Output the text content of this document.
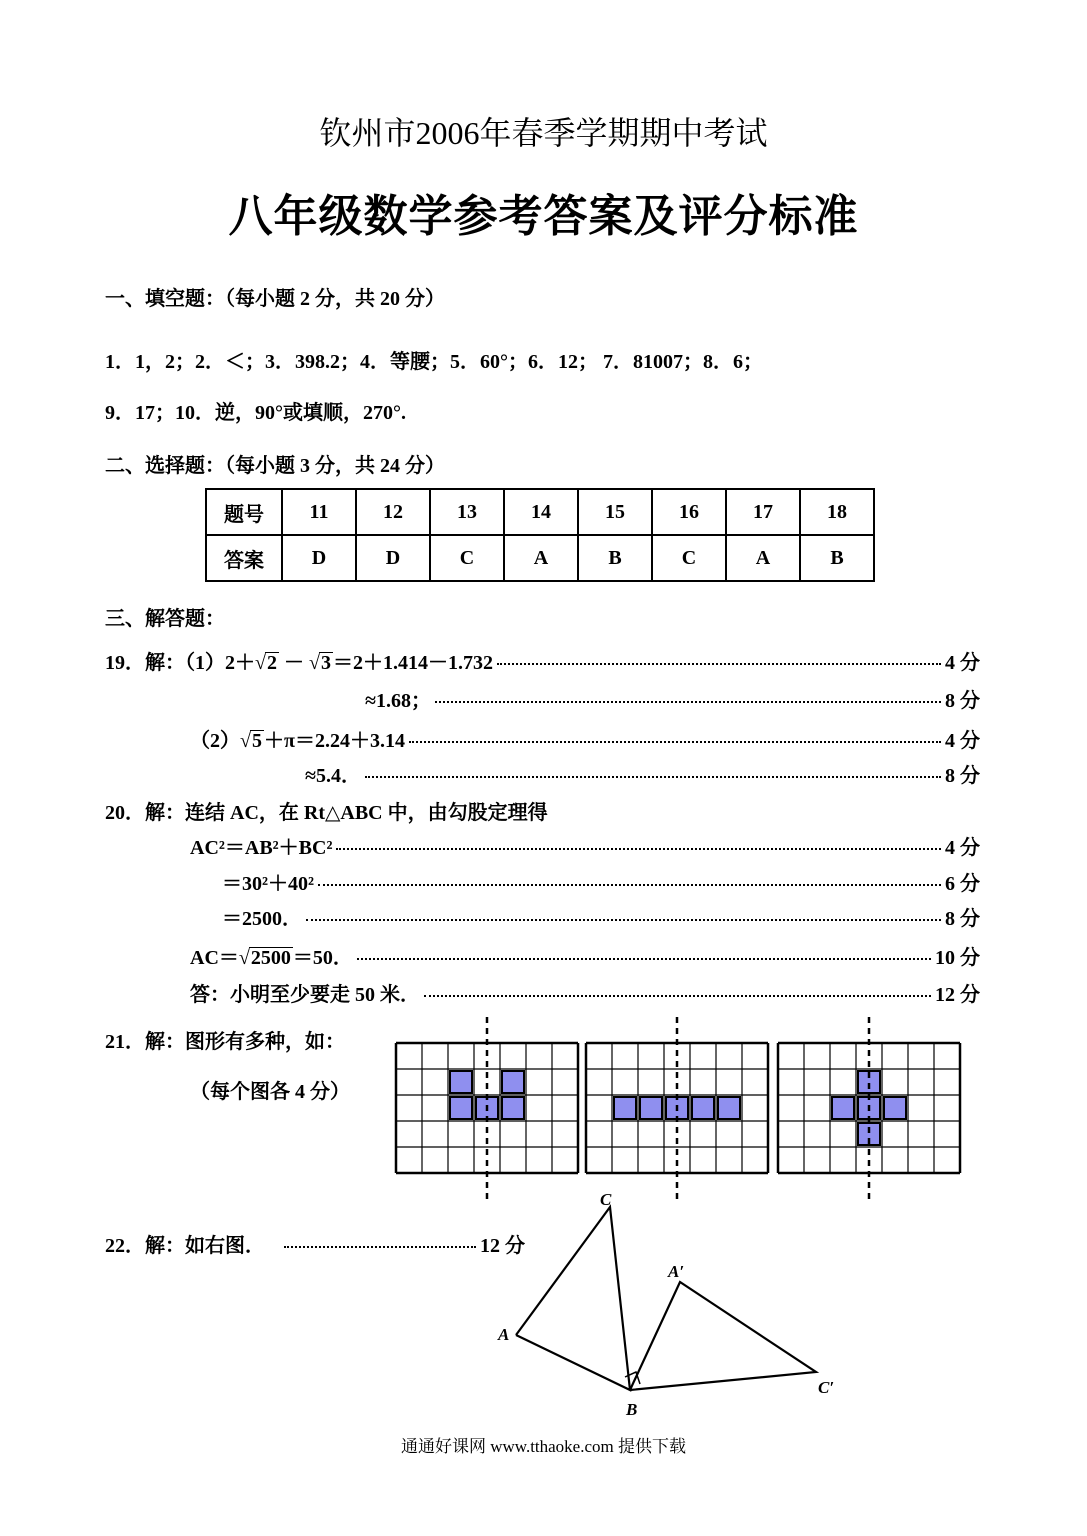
钦州市2006年春季学期期中考试
八年级数学参考答案及评分标准
一、填空题：（每小题 2 分，共 20 分）
1．1，2；2．＜；3．398.2；4．等腰；5．60°；6．12； 7．81007；8．6；
9．17；10．逆，90°或填顺，270°.
二、选择题：（每小题 3 分，共 24 分）
题号	11	12	13	14	15	16	17	18
答案	D	D	C	A	B	C	A	B
三、解答题：
19．解：（1）2＋√2 － √3 ＝2＋1.414－1.732	4 分
≈1.68；	8 分
（2）√5 ＋π＝2.24＋3.14	4 分
≈5.4．	8 分
20．解：连结 AC，在 Rt△ABC 中，由勾股定理得
AC²＝AB²＋BC²	4 分
＝30²＋40²	6 分
＝2500．	8 分
AC＝√2500 ＝50．	10 分
答：小明至少要走 50 米．	12 分
21．解：图形有多种，如：
（每个图各 4 分）
22．解：如右图．	12 分
C
A
B
A′
C′
通通好课网 www.tthaoke.com 提供下载
